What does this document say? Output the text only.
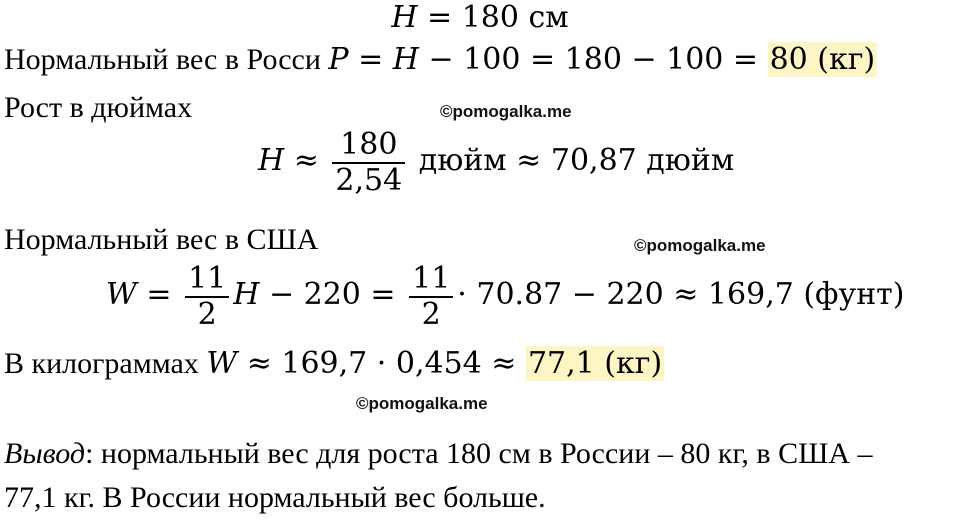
H = 180 см
Нормальный вес в Росси P = H − 100 = 180 − 100 = 80 (кг)
Рост в дюймах	©pomogalka.me
$H \approx \frac{180}{2,54}$ дюйм ≈ 70,87 дюйм
Нормальный вес в США	©pomogalka.me
$W = \frac{11}{2}$ $H - 220 = \frac{11}{2} \cdot 70.87 - 220 \approx 169,7$ (фунт)
В килограммах W ≈ 169,7 · 0,454 ≈ 77,1 (кг)
©pomogalka.me
Вывод: нормальный вес для роста 180 см в России – 80 кг, в США –
77,1 кг. В России нормальный вес больше.
